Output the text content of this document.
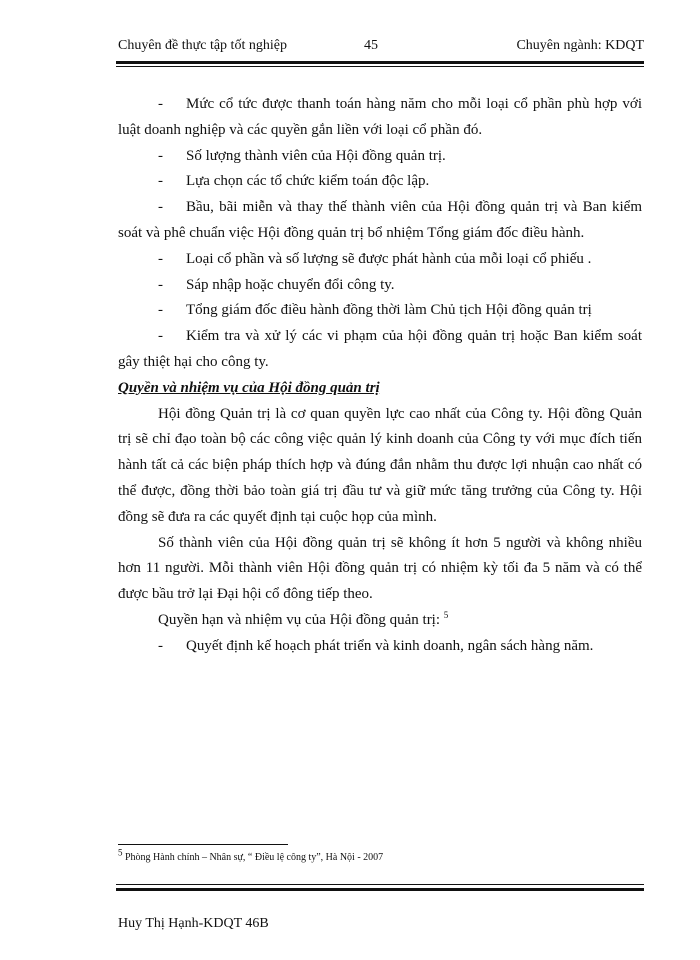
Chuyên đề thực tập tốt nghiệp	45	Chuyên ngành: KDQT

- Mức cổ tức được thanh toán hàng năm cho mỗi loại cổ phần phù hợp với luật doanh nghiệp và các quyền gắn liền với loại cổ phần đó.

- Số lượng thành viên của Hội đồng quản trị.

- Lựa chọn các tổ chức kiểm toán độc lập.

- Bầu, bãi miễn và thay thế thành viên của Hội đồng quản trị và Ban kiểm soát và phê chuẩn việc Hội đồng quản trị bổ nhiệm Tổng giám đốc điều hành.

- Loại cổ phần và số lượng sẽ được phát hành của mỗi loại cổ phiếu .

- Sáp nhập hoặc chuyển đổi công ty.

- Tổng giám đốc điều hành đồng thời làm Chủ tịch Hội đồng quản trị

- Kiểm tra và xử lý các vi phạm của hội đồng quản trị hoặc Ban kiểm soát gây thiệt hại cho công ty.

Quyền và nhiệm vụ của Hội đồng quản trị

Hội đồng Quản trị là cơ quan quyền lực cao nhất của Công ty. Hội đồng Quản trị sẽ chỉ đạo toàn bộ các công việc quản lý kinh doanh của Công ty với mục đích tiến hành tất cả các biện pháp thích hợp và đúng đắn nhằm thu được lợi nhuận cao nhất có thể được, đồng thời bảo toàn giá trị đầu tư và giữ mức tăng trưởng của Công ty. Hội đồng sẽ đưa ra các quyết định tại cuộc họp của mình.

Số thành viên của Hội đồng quản trị sẽ không ít hơn 5 người và không nhiều hơn 11 người. Mỗi thành viên Hội đồng quản trị có nhiệm kỳ tối đa 5 năm và có thể được bầu trở lại Đại hội cổ đông tiếp theo.

Quyền hạn và nhiệm vụ của Hội đồng quản trị: $^5$

- Quyết định kế hoạch phát triển và kinh doanh, ngân sách hàng năm.

$^5$ Phòng Hành chính – Nhân sự, “ Điều lệ công ty”, Hà Nội - 2007
Huy Thị Hạnh-KDQT 46B
